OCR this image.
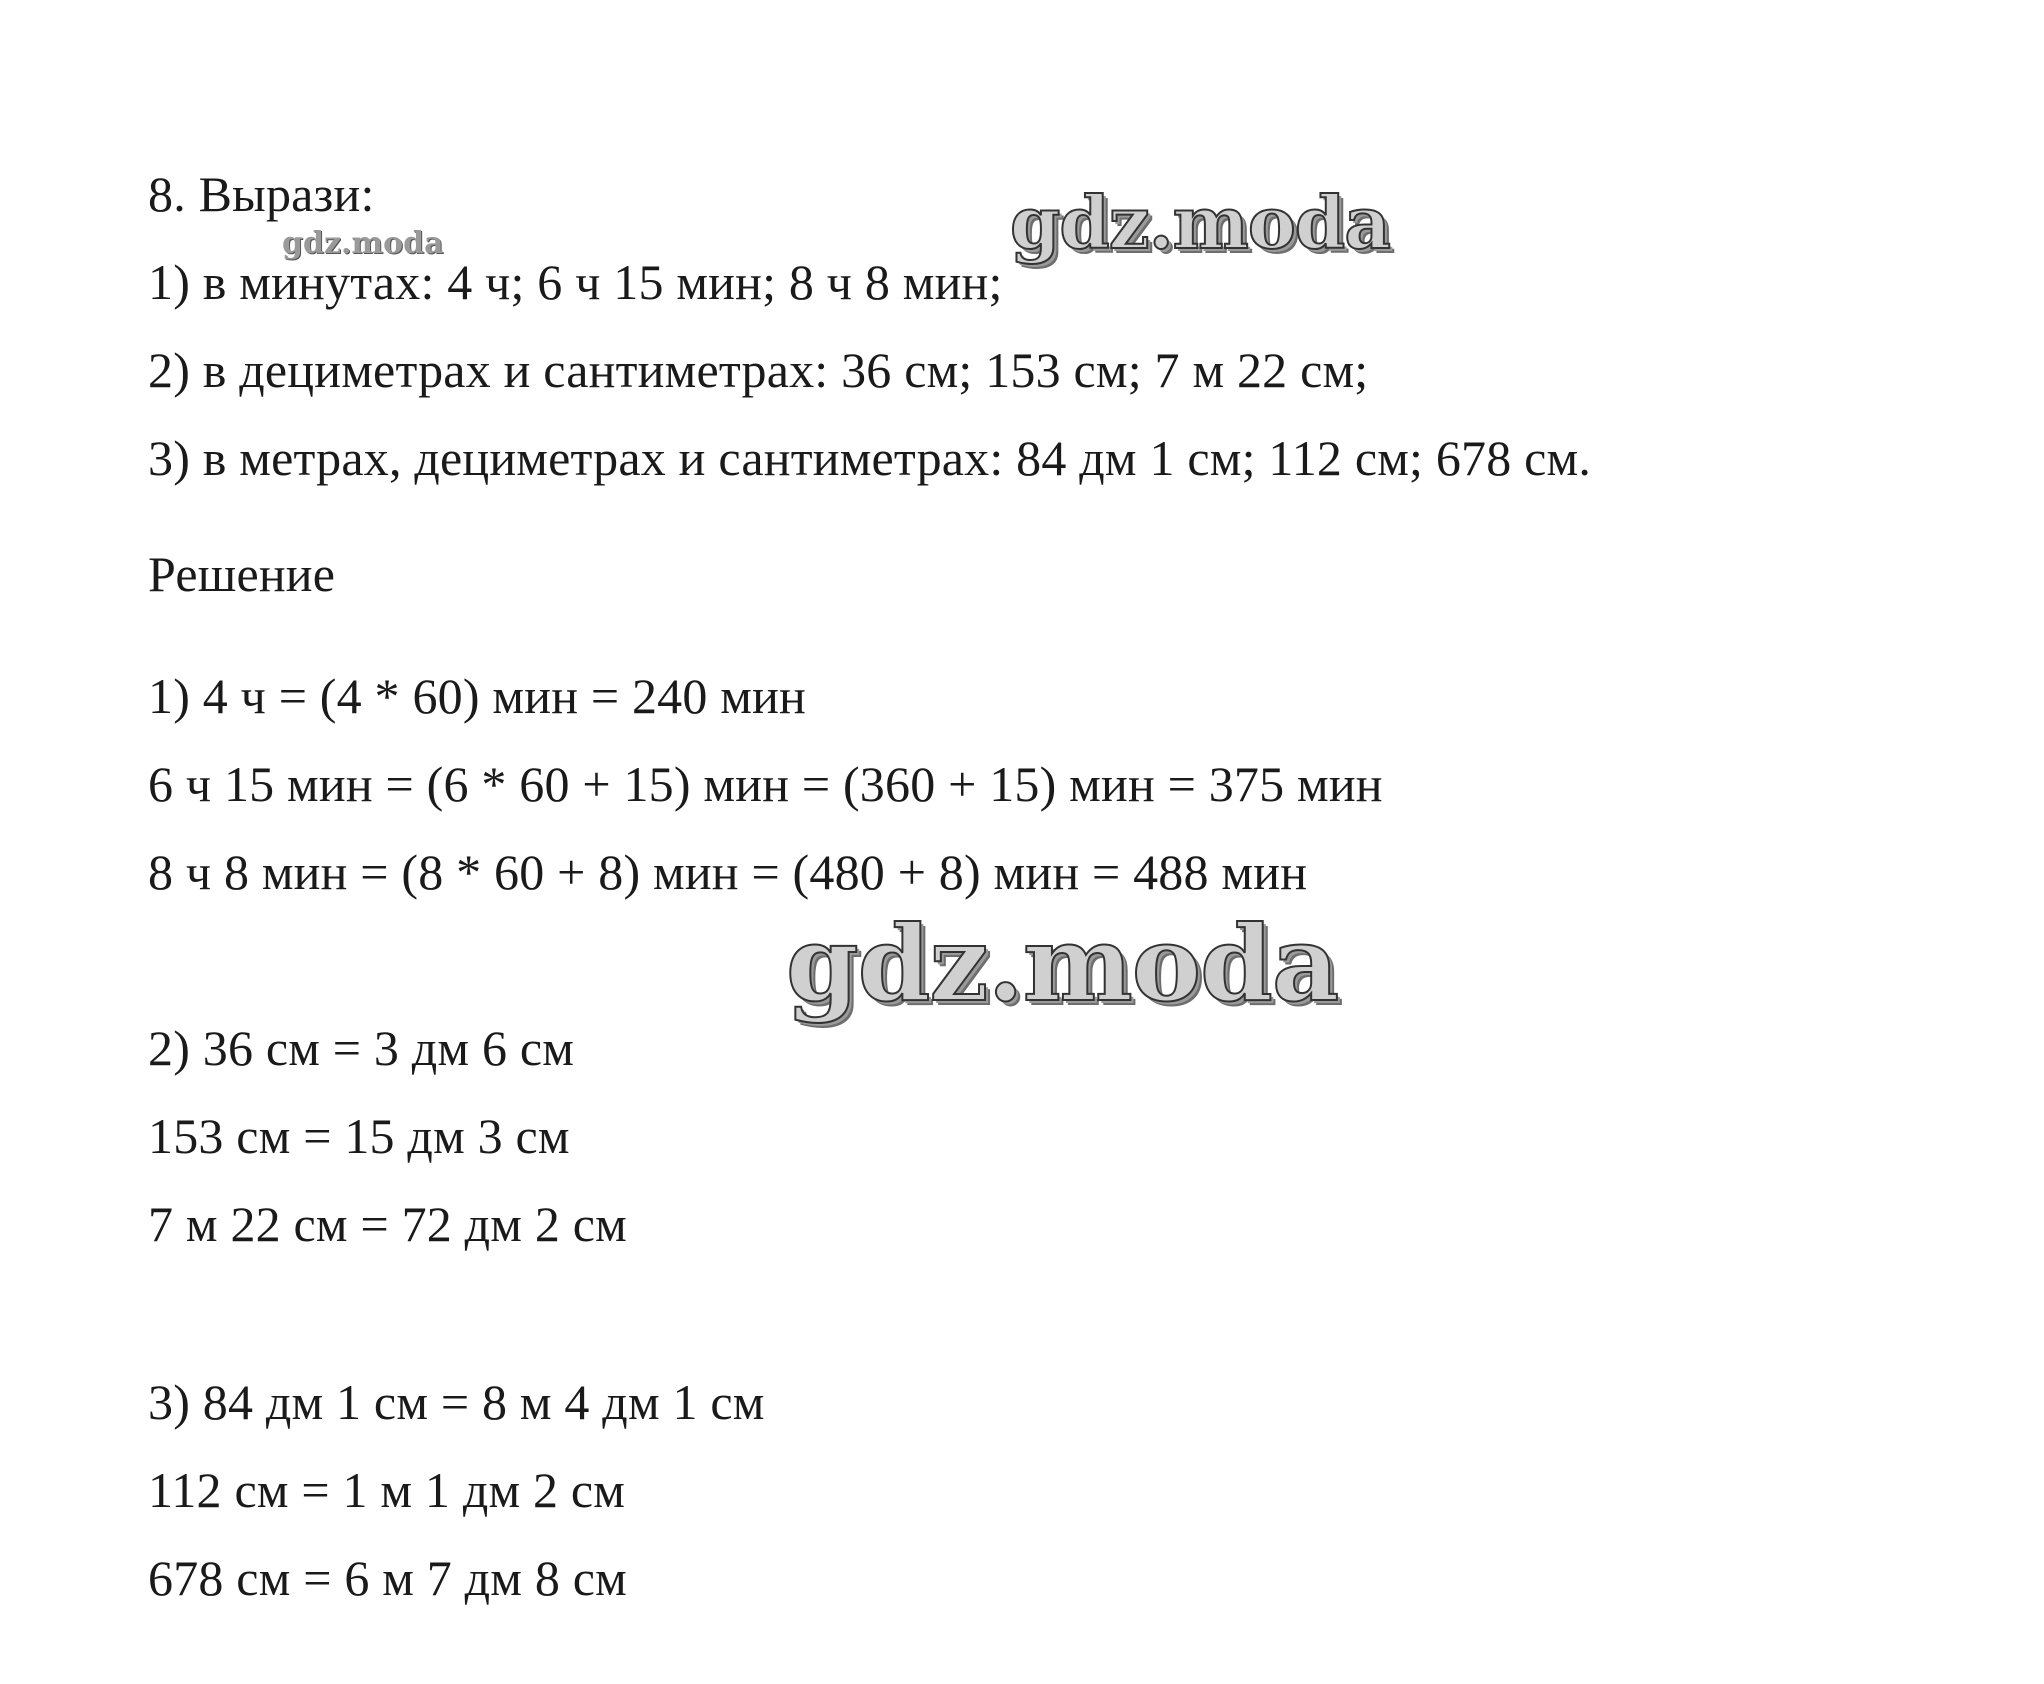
8. Вырази:
1) в минутах: 4 ч; 6 ч 15 мин; 8 ч 8 мин;
2) в дециметрах и сантиметрах: 36 см; 153 см; 7 м 22 см;
3) в метрах, дециметрах и сантиметрах: 84 дм 1 см; 112 см; 678 см.
Решение
1) 4 ч = (4 * 60) мин = 240 мин
6 ч 15 мин = (6 * 60 + 15) мин = (360 + 15) мин = 375 мин
8 ч 8 мин = (8 * 60 + 8) мин = (480 + 8) мин = 488 мин
2) 36 см = 3 дм 6 см
153 см = 15 дм 3 см
7 м 22 см = 72 дм 2 см
3) 84 дм 1 см = 8 м 4 дм 1 см
112 см = 1 м 1 дм 2 см
678 см = 6 м 7 дм 8 см
gdz.moda	gdz.moda
gdz.moda
